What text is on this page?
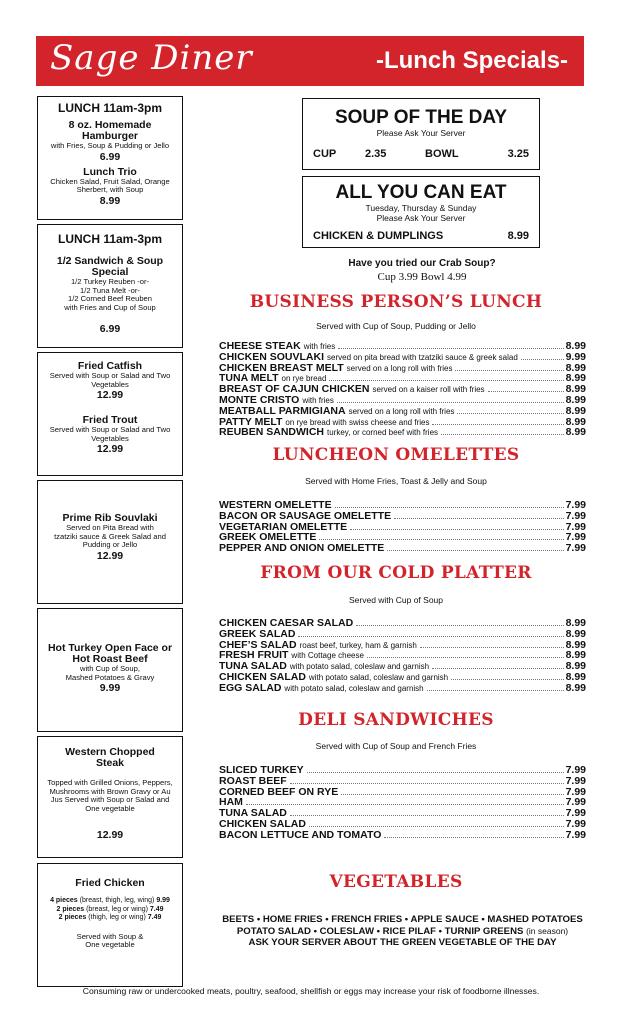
Sage Diner	-Lunch Specials-
LUNCH 11am-3pm
8 oz. Homemade Hamburger
with Fries, Soup & Pudding or Jello
6.99
Lunch Trio
Chicken Salad, Fruit Salad, Orange Sherbert, with Soup
8.99
LUNCH 11am-3pm
1/2 Sandwich & Soup Special
1/2 Turkey Reuben -or-
1/2 Tuna Melt -or-
1/2 Corned Beef Reuben
with Fries and Cup of Soup
6.99
Fried Catfish
Served with Soup or Salad and Two Vegetables
12.99
Fried Trout
Served with Soup or Salad and Two Vegetables
12.99
Prime Rib Souvlaki
Served on Pita Bread with tzatziki sauce & Greek Salad and Pudding or Jello
12.99
Hot Turkey Open Face or Hot Roast Beef
with Cup of Soup,
Mashed Potatoes & Gravy
9.99
Western Chopped Steak
Topped with Grilled Onions, Peppers, Mushrooms with Brown Gravy or Au Jus Served with Soup or Salad and One vegetable
12.99
Fried Chicken
4 pieces (breast, thigh, leg, wing) 9.99
2 pieces (breast, leg or wing) 7.49
2 pieces (thigh, leg or wing) 7.49
Served with Soup & One vegetable
SOUP OF THE DAY
Please Ask Your Server
CUP	2.35	BOWL	3.25
ALL YOU CAN EAT
Tuesday, Thursday & Sunday
Please Ask Your Server
CHICKEN & DUMPLINGS	8.99
Have you tried our Crab Soup?
Cup 3.99 Bowl 4.99
BUSINESS PERSON’S LUNCH
Served with Cup of Soup, Pudding or Jello
CHEESE STEAK with fries	8.99
CHICKEN SOUVLAKI served on pita bread with tzatziki sauce & greek salad	9.99
CHICKEN BREAST MELT served on a long roll with fries	8.99
TUNA MELT on rye bread	8.99
BREAST OF CAJUN CHICKEN served on a kaiser roll with fries	8.99
MONTE CRISTO with fries	8.99
MEATBALL PARMIGIANA served on a long roll with fries	8.99
PATTY MELT on rye bread with swiss cheese and fries	8.99
REUBEN SANDWICH turkey, or corned beef with fries	8.99
LUNCHEON OMELETTES
Served with Home Fries, Toast & Jelly and Soup
WESTERN OMELETTE	7.99
BACON OR SAUSAGE OMELETTE	7.99
VEGETARIAN OMELETTE	7.99
GREEK OMELETTE	7.99
PEPPER AND ONION OMELETTE	7.99
FROM OUR COLD PLATTER
Served with Cup of Soup
CHICKEN CAESAR SALAD	8.99
GREEK SALAD	8.99
CHEF’S SALAD roast beef, turkey, ham & garnish	8.99
FRESH FRUIT with Cottage cheese	8.99
TUNA SALAD with potato salad, coleslaw and garnish	8.99
CHICKEN SALAD with potato salad, coleslaw and garnish	8.99
EGG SALAD with potato salad, coleslaw and garnish	8.99
DELI SANDWICHES
Served with Cup of Soup and French Fries
SLICED TURKEY	7.99
ROAST BEEF	7.99
CORNED BEEF ON RYE	7.99
HAM	7.99
TUNA SALAD	7.99
CHICKEN SALAD	7.99
BACON LETTUCE AND TOMATO	7.99
VEGETABLES
BEETS • HOME FRIES • FRENCH FRIES • APPLE SAUCE • MASHED POTATOES
POTATO SALAD • COLESLAW • RICE PILAF • TURNIP GREENS (in season)
ASK YOUR SERVER ABOUT THE GREEN VEGETABLE OF THE DAY
Consuming raw or undercooked meats, poultry, seafood, shellfish or eggs may increase your risk of foodborne illnesses.
